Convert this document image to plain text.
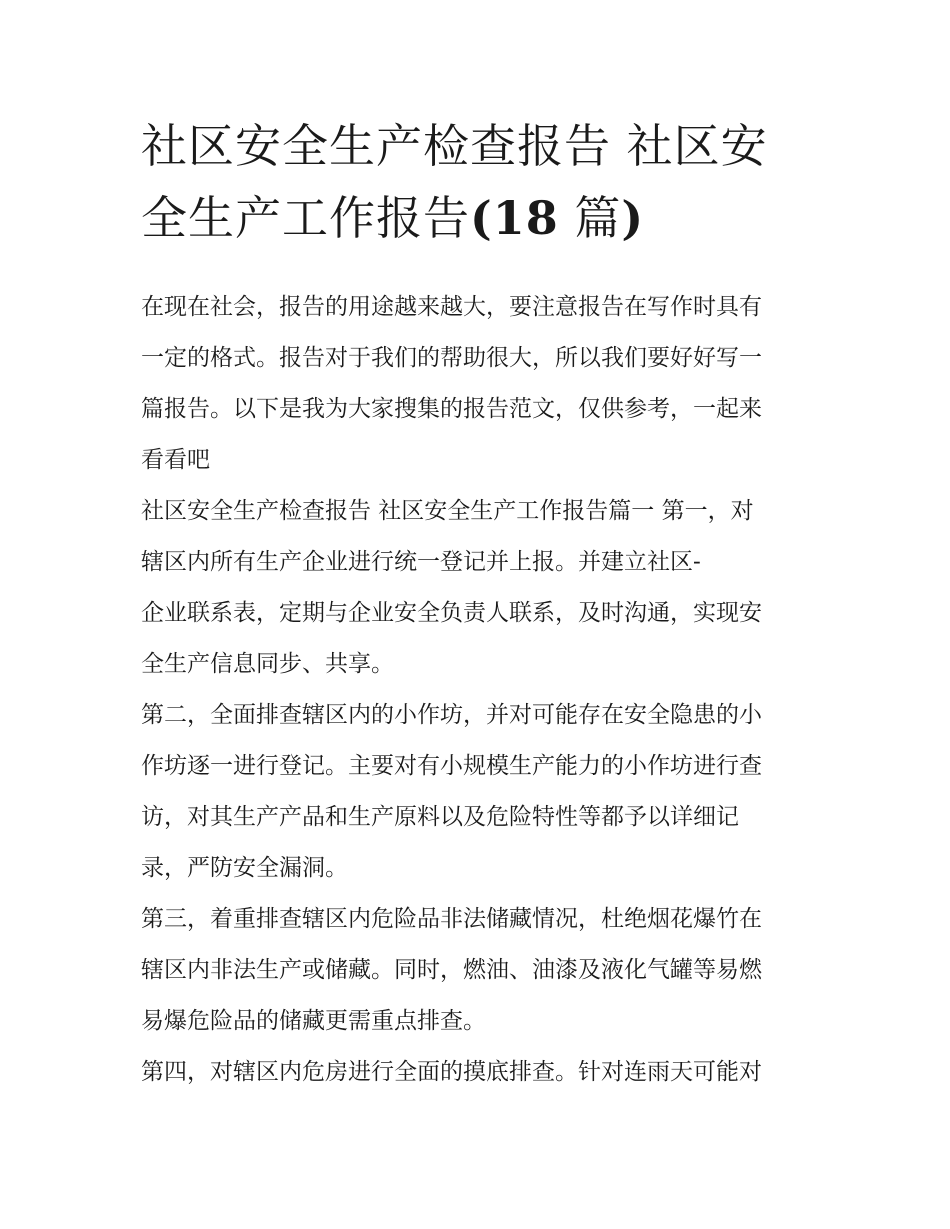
社区安全生产检查报告 社区安
全生产工作报告(18 篇)

在现在社会，报告的用途越来越大，要注意报告在写作时具有
一定的格式。报告对于我们的帮助很大，所以我们要好好写一
篇报告。以下是我为大家搜集的报告范文，仅供参考，一起来
看看吧

社区安全生产检查报告 社区安全生产工作报告篇一 第一，对
辖区内所有生产企业进行统一登记并上报。并建立社区-
企业联系表，定期与企业安全负责人联系，及时沟通，实现安
全生产信息同步、共享。

第二，全面排查辖区内的小作坊，并对可能存在安全隐患的小
作坊逐一进行登记。主要对有小规模生产能力的小作坊进行查
访，对其生产产品和生产原料以及危险特性等都予以详细记
录，严防安全漏洞。

第三，着重排查辖区内危险品非法储藏情况，杜绝烟花爆竹在
辖区内非法生产或储藏。同时，燃油、油漆及液化气罐等易燃
易爆危险品的储藏更需重点排查。

第四，对辖区内危房进行全面的摸底排查。针对连雨天可能对
